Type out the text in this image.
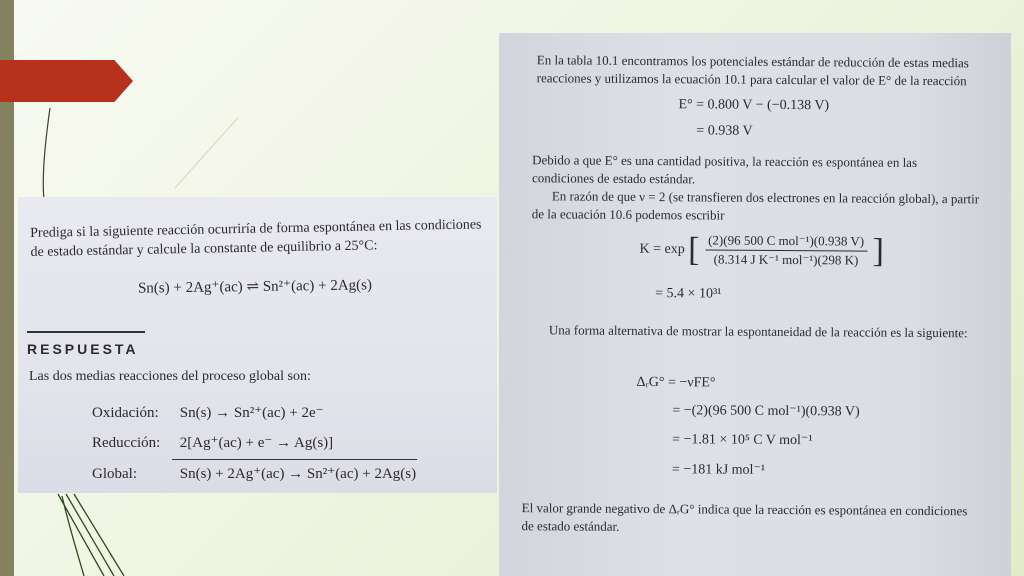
Prediga si la siguiente reacción ocurriría de forma espontánea en las condiciones de estado estándar y calcule la constante de equilibrio a 25°C:
Sn(s) + 2Ag⁺(ac) ⇌ Sn²⁺(ac) + 2Ag(s)
RESPUESTA
Las dos medias reacciones del proceso global son:
Oxidación: Sn(s) → Sn²⁺(ac) + 2e⁻
Reducción: 2[Ag⁺(ac) + e⁻ → Ag(s)]
Global:	Sn(s) + 2Ag⁺(ac) → Sn²⁺(ac) + 2Ag(s)
En la tabla 10.1 encontramos los potenciales estándar de reducción de estas medias reacciones y utilizamos la ecuación 10.1 para calcular el valor de E° de la reacción
E° = 0.800 V − (−0.138 V)
= 0.938 V
Debido a que E° es una cantidad positiva, la reacción es espontánea en las condiciones de estado estándar.
En razón de que ν = 2 (se transfieren dos electrones en la reacción global), a partir de la ecuación 10.6 podemos escribir
K = exp [ $\frac{\text{(2)(96 500 C mol⁻¹)(0.938 V)}}{\text{(8.314 J K⁻¹ mol⁻¹)(298 K)}}$ ]
= 5.4 × 10³¹
Una forma alternativa de mostrar la espontaneidad de la reacción es la siguiente:
ΔᵣG° = −νFE°
= −(2)(96 500 C mol⁻¹)(0.938 V)
= −1.81 × 10⁵ C V mol⁻¹
= −181 kJ mol⁻¹
El valor grande negativo de ΔᵣG° indica que la reacción es espontánea en condiciones de estado estándar.
